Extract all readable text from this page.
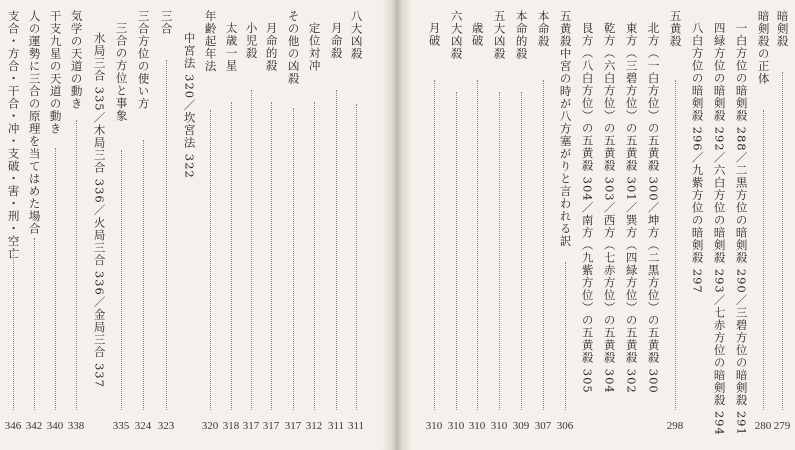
支合・方合・干合・冲・支破・害・刑・空亡
346
人の運勢に三合の原理を当てはめた場合
342
干支九星の天道の動き
340
気学の天道の動き
338
水局三合 335／木局三合 336／火局三合 336／金局三合 337 三合の方位と事象
335
三合方位の使い方
324
三合
323
中宮法 320／坎宮法 322 年齢起年法
320
太歳一星
318
小児殺
317
月命的殺
317
その他の凶殺
317
定位対冲
312
月命殺
311
八大凶殺
311
月破
310
六大凶殺
310
歳破
310
五大凶殺
310
本命的殺
309
本命殺
307
五黄殺中宮の時が八方塞がりと言われる訳
306
艮方（八白方位）の五黄殺 304／南方（九紫方位）の五黄殺 305 乾方（六白方位）の五黄殺 303／西方（七赤方位）の五黄殺 304 東方（三碧方位）の五黄殺 301／巽方（四緑方位）の五黄殺 302 北方（一白方位）の五黄殺 300／坤方（二黒方位）の五黄殺 300 五黄殺
298
八白方位の暗剣殺 296／九紫方位の暗剣殺 297 四緑方位の暗剣殺 292／六白方位の暗剣殺 293／七赤方位の暗剣殺 294 一白方位の暗剣殺 288／二黒方位の暗剣殺 290／三碧方位の暗剣殺 291 暗剣殺の正体
280
暗剣殺
279
